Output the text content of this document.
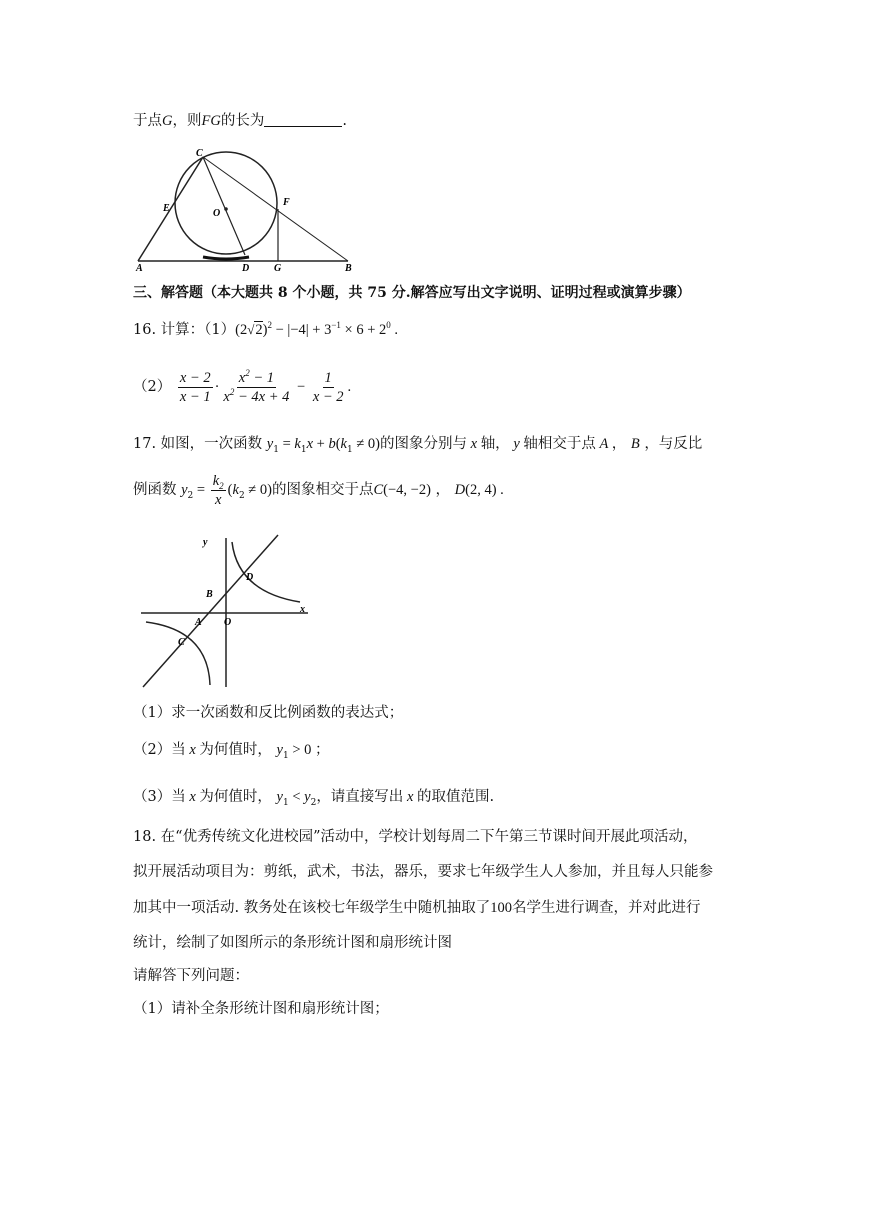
于点G，则FG的长为	.
C
E	O
F
A	D G	B
三、解答题（本大题共 8 个小题，共 75 分.解答应写出文字说明、证明过程或演算步骤）
16. 计算：$(1)(2√2)^2 - |-4| + 3^{-1} \times 6 + 2^0$ .
$(2) \frac{x - 2}{x - 1} \cdot \frac{x^2 - 1}{x^2 - 4x + 4} - \frac{1}{x - 2}$ .
17. 如图，一次函数 $y_1 = k_1x + b(k_1 \ne 0)$的图象分别与 x 轴， y 轴相交于点 A ， B ，与反比
例函数 $y_2 = \frac{k_2}{x} (k_2 \ne 0)$的图象相交于点C(−4, −2) ， D(2, 4) .
y
x
B
D
A O
C
（1）求一次函数和反比例函数的表达式；
（2）当 x 为何值时， $y_1 > 0$ ；
（3）当 x 为何值时， $y_1 < y_2$，请直接写出 x 的取值范围.
18. 在“优秀传统文化进校园”活动中，学校计划每周二下午第三节课时间开展此项活动，
拟开展活动项目为：剪纸，武术，书法，器乐，要求七年级学生人人参加，并且每人只能参
加其中一项活动. 教务处在该校七年级学生中随机抽取了100名学生进行调查，并对此进行
统计，绘制了如图所示的条形统计图和扇形统计图
请解答下列问题：
（1）请补全条形统计图和扇形统计图；
